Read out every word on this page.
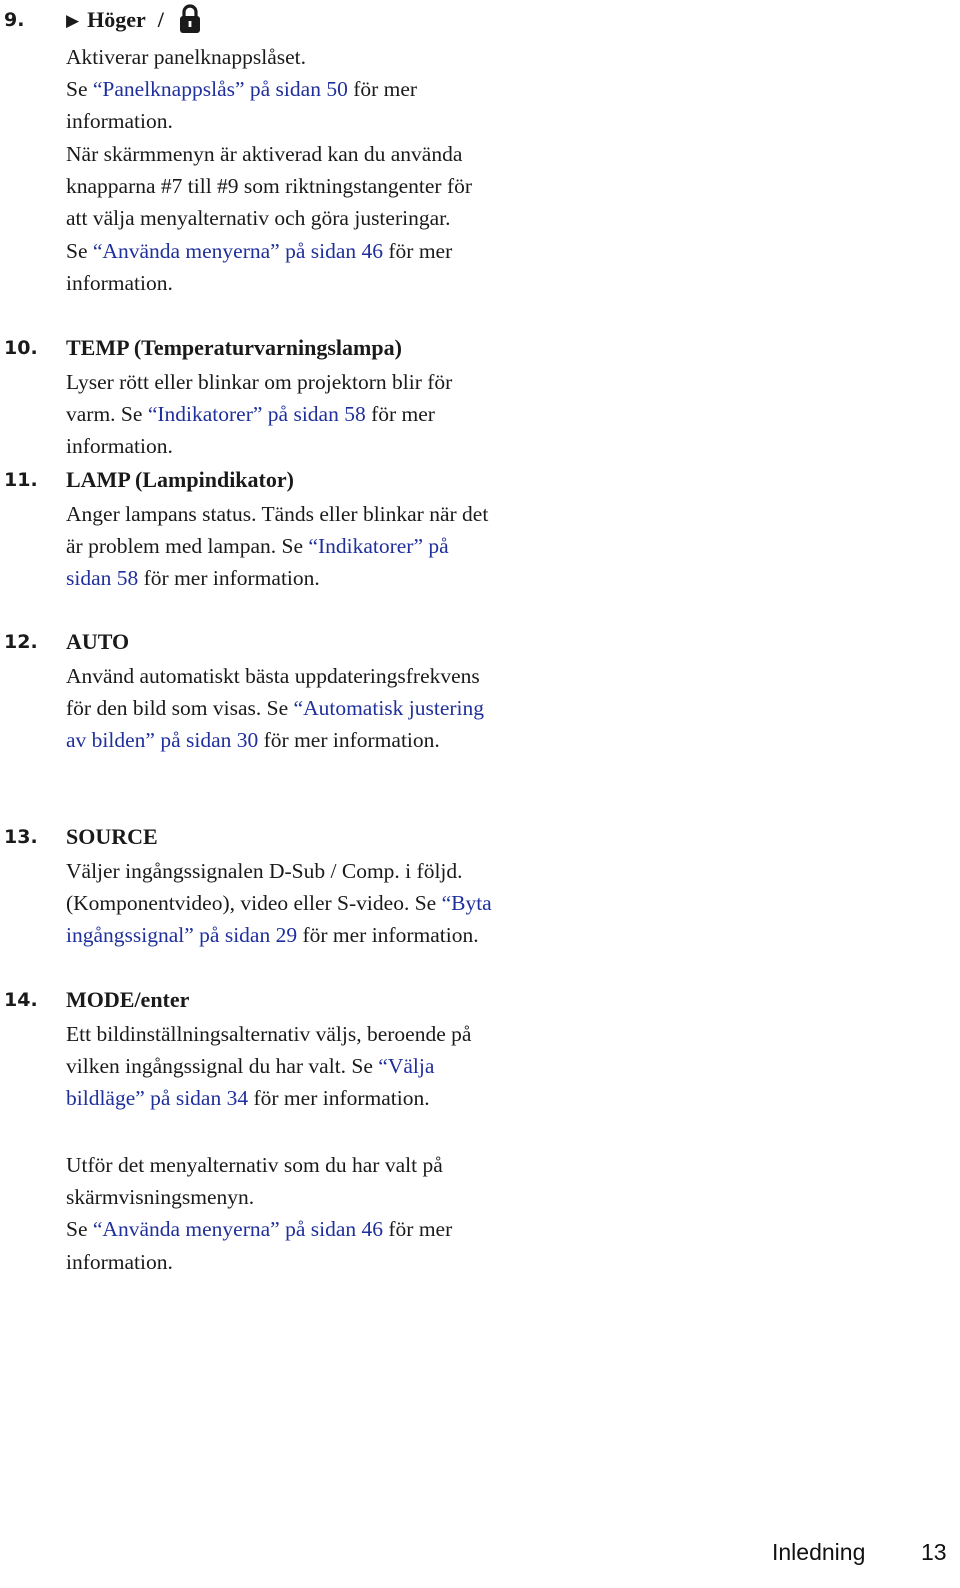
9. ▶ Höger /

Aktiverar panelknappslåset.
Se “Panelknappslås” på sidan 50 för mer information.

När skärmmenyn är aktiverad kan du använda knapparna #7 till #9 som riktningstangenter för att välja menyalternativ och göra justeringar.
Se “Använda menyerna” på sidan 46 för mer information.

10. TEMP (Temperaturvarningslampa)

Lyser rött eller blinkar om projektorn blir för varm. Se “Indikatorer” på sidan 58 för mer information.

11. LAMP (Lampindikator)

Anger lampans status. Tänds eller blinkar när det är problem med lampan. Se “Indikatorer” på sidan 58 för mer information.

12. AUTO

Använd automatiskt bästa uppdateringsfrekvens för den bild som visas. Se “Automatisk justering av bilden” på sidan 30 för mer information.

13. SOURCE

Väljer ingångssignalen D-Sub / Comp. i följd. (Komponentvideo), video eller S-video. Se “Byta ingångssignal” på sidan 29 för mer information.

14. MODE/enter

Ett bildinställningsalternativ väljs, beroende på vilken ingångssignal du har valt. Se “Välja bildläge” på sidan 34 för mer information.

Utför det menyalternativ som du har valt på skärmvisningsmenyn.
Se “Använda menyerna” på sidan 46 för mer information.

Inledning 13
